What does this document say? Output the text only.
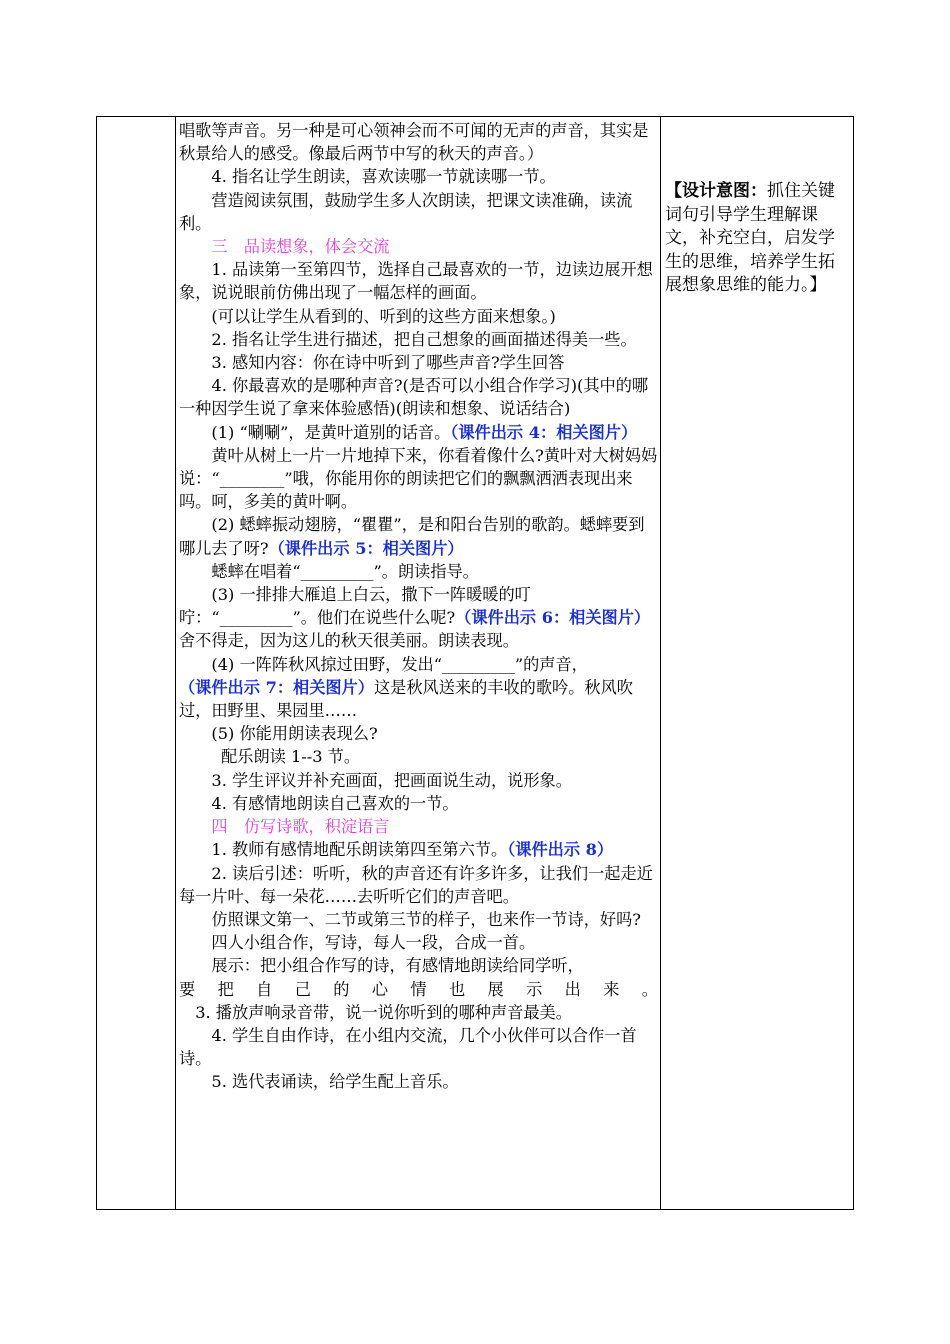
唱歌等声音。另一种是可心领神会而不可闻的无声的声音，其实是秋景给人的感受。像最后两节中写的秋天的声音。）

4. 指名让学生朗读，喜欢读哪一节就读哪一节。

营造阅读氛围，鼓励学生多人次朗读，把课文读准确，读流利。

三　品读想象，体会交流

1. 品读第一至第四节，选择自己最喜欢的一节，边读边展开想象，说说眼前仿佛出现了一幅怎样的画面。

(可以让学生从看到的、听到的这些方面来想象。)

2. 指名让学生进行描述，把自己想象的画面描述得美一些。

3. 感知内容：你在诗中听到了哪些声音?学生回答

4. 你最喜欢的是哪种声音?(是否可以小组合作学习)(其中的哪一种因学生说了拿来体验感悟)(朗读和想象、说话结合)

(1) “唰唰”，是黄叶道别的话音。（课件出示 4：相关图片）

黄叶从树上一片一片地掉下来，你看着像什么?黄叶对大树妈妈说：“________”哦，你能用你的朗读把它们的飘飘洒洒表现出来吗。呵，多美的黄叶啊。

(2) 蟋蟀振动翅膀，“瞿瞿”，是和阳台告别的歌韵。蟋蟀要到哪儿去了呀?（课件出示 5：相关图片）

蟋蟀在唱着“_________”。朗读指导。

(3) 一排排大雁追上白云，撒下一阵暖暖的叮咛：“_________”。他们在说些什么呢?（课件出示 6：相关图片）舍不得走，因为这儿的秋天很美丽。朗读表现。

(4) 一阵阵秋风掠过田野，发出“_________”的声音，

（课件出示 7：相关图片）这是秋风送来的丰收的歌吟。秋风吹过，田野里、果园里……

(5) 你能用朗读表现么?

配乐朗读 1--3 节。

3. 学生评议并补充画面，把画面说生动，说形象。

4. 有感情地朗读自己喜欢的一节。

四　仿写诗歌，积淀语言

1. 教师有感情地配乐朗读第四至第六节。（课件出示 8）

2. 读后引述：听听，秋的声音还有许多许多，让我们一起走近每一片叶、每一朵花……去听听它们的声音吧。

仿照课文第一、二节或第三节的样子，也来作一节诗，好吗?

四人小组合作，写诗，每人一段，合成一首。

展示：把小组合作写的诗，有感情地朗读给同学听，

要 把 自 己 的 心 情 也 展 示 出 来 。

3. 播放声响录音带，说一说你听到的哪种声音最美。

4. 学生自由作诗，在小组内交流，几个小伙伴可以合作一首诗。

5. 选代表诵读，给学生配上音乐。

【设计意图：抓住关键词句引导学生理解课文，补充空白，启发学生的思维，培养学生拓展想象思维的能力。】
